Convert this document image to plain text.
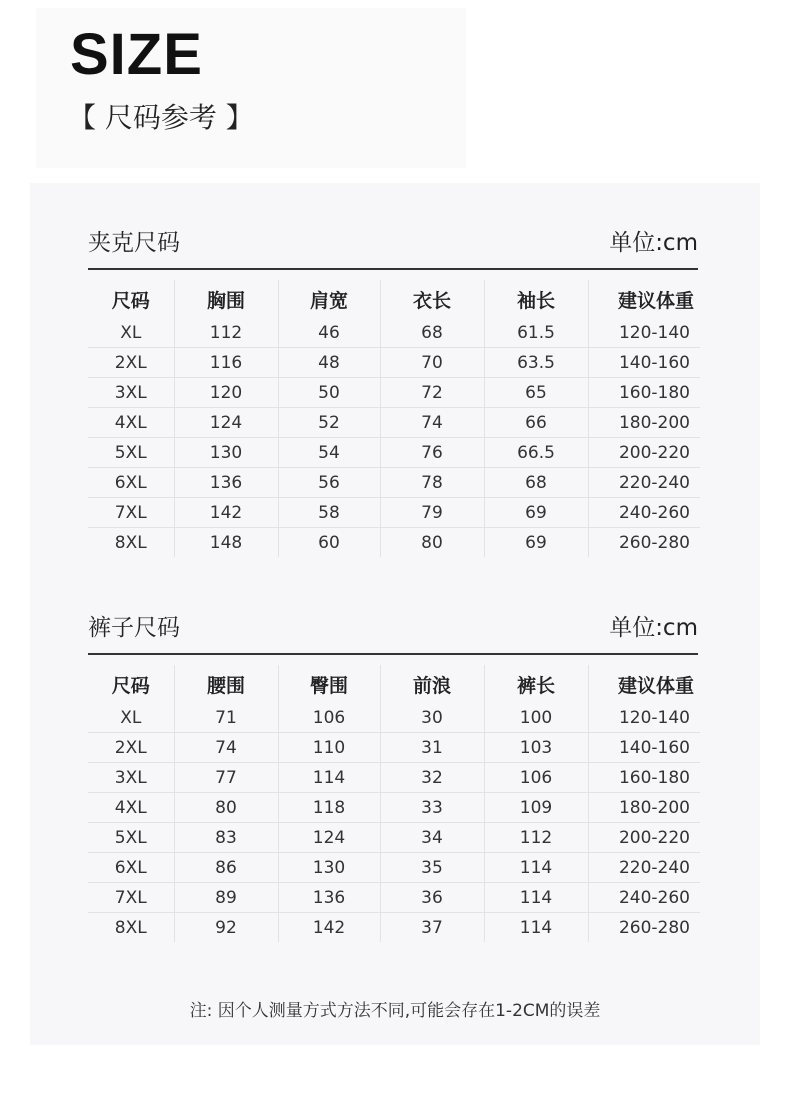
SIZE
【 尺码参考 】
夹克尺码	单位:cm
尺码	胸围	肩宽	衣长	袖长	建议体重
XL	112	46	68	61.5	120-140
2XL	116	48	70	63.5	140-160
3XL	120	50	72	65	160-180
4XL	124	52	74	66	180-200
5XL	130	54	76	66.5	200-220
6XL	136	56	78	68	220-240
7XL	142	58	79	69	240-260
8XL	148	60	80	69	260-280
裤子尺码	单位:cm
尺码	腰围	臀围	前浪	裤长	建议体重
XL	71	106	30	100	120-140
2XL	74	110	31	103	140-160
3XL	77	114	32	106	160-180
4XL	80	118	33	109	180-200
5XL	83	124	34	112	200-220
6XL	86	130	35	114	220-240
7XL	89	136	36	114	240-260
8XL	92	142	37	114	260-280
注: 因个人测量方式方法不同,可能会存在1-2CM的误差
